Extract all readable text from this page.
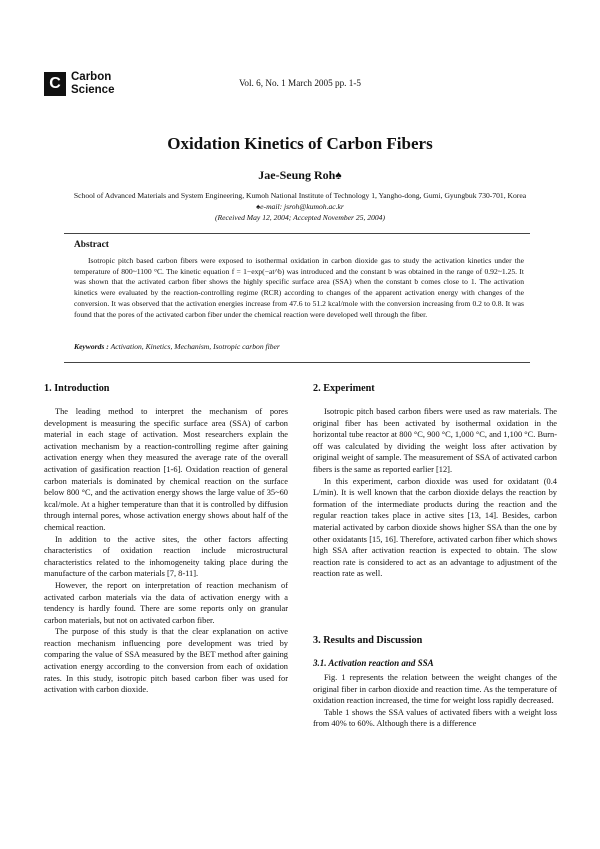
C Carbon
Science
Vol. 6, No. 1 March 2005 pp. 1-5
Oxidation Kinetics of Carbon Fibers
Jae-Seung Roh♠
School of Advanced Materials and System Engineering, Kumoh National Institute of Technology 1, Yangho-dong, Gumi, Gyungbuk 730-701, Korea
♠e-mail: jsroh@kumoh.ac.kr
(Received May 12, 2004; Accepted November 25, 2004)
Abstract
Isotropic pitch based carbon fibers were exposed to isothermal oxidation in carbon dioxide gas to study the activation kinetics under the temperature of 800~1100 °C. The kinetic equation f = 1−exp(−at^b) was introduced and the constant b was obtained in the range of 0.92~1.25. It was shown that the activated carbon fiber shows the highly specific surface area (SSA) when the constant b comes close to 1. The activation kinetics were evaluated by the reaction-controlling regime (RCR) according to changes of the apparent activation energy with changes of the conversion. It was observed that the activation energies increase from 47.6 to 51.2 kcal/mole with the conversion increasing from 0.2 to 0.8. It was found that the pores of the activated carbon fiber under the chemical reaction were developed well through the fiber.
Keywords : Activation, Kinetics, Mechanism, Isotropic carbon fiber
1. Introduction

The leading method to interpret the mechanism of pores development is measuring the specific surface area (SSA) of carbon material in each stage of activation. Most researchers explain the activation mechanism by a reaction-controlling regime after gaining activation energy when they measured the average rate of the overall activation of gasification reaction [1-6]. Oxidation reaction of general carbon materials is dominated by chemical reaction on the surface below 800 °C, and the activation energy shows the large value of 35~60 kcal/mole. At a higher temperature than that it is controlled by diffusion through internal pores, whose activation energy shows about half of the chemical reaction.

In addition to the active sites, the other factors affecting characteristics of oxidation reaction include microstructural characteristics related to the inhomogeneity taking place during the manufacture of the carbon materials [7, 8-11].

However, the report on interpretation of reaction mechanism of activated carbon materials via the data of activation energy with a tendency is hardly found. There are some reports only on granular carbon materials, but not on activated carbon fiber.

The purpose of this study is that the clear explanation on active reaction mechanism influencing pore development was tried by comparing the value of SSA measured by the BET method after gaining activation energy according to the conversion from each of oxidation rates. In this study, isotropic pitch based carbon fiber was used for activation with carbon dioxide.

2. Experiment

Isotropic pitch based carbon fibers were used as raw materials. The original fiber has been activated by isothermal oxidation in the horizontal tube reactor at 800 °C, 900 °C, 1,000 °C, and 1,100 °C. Burn-off was calculated by dividing the weight loss after activation by original weight of sample. The measurement of SSA of activated carbon fibers is the same as reported earlier [12].

In this experiment, carbon dioxide was used for oxidatant (0.4 L/min). It is well known that the carbon dioxide delays the reaction by formation of the intermediate products during the reaction and the regular reaction takes place in active sites [13, 14]. Besides, carbon material activated by carbon dioxide shows higher SSA than the one by other oxidatants [15, 16]. Therefore, activated carbon fiber which shows high SSA after activation reaction is expected to obtain. The slow reaction rate is considered to act as an advantage to adjustment of the reaction rate as well.

3. Results and Discussion
3.1. Activation reaction and SSA

Fig. 1 represents the relation between the weight changes of the original fiber in carbon dioxide and reaction time. As the temperature of oxidation reaction increased, the time for weight loss rapidly decreased.

Table 1 shows the SSA values of activated fibers with a weight loss from 40% to 60%. Although there is a difference
